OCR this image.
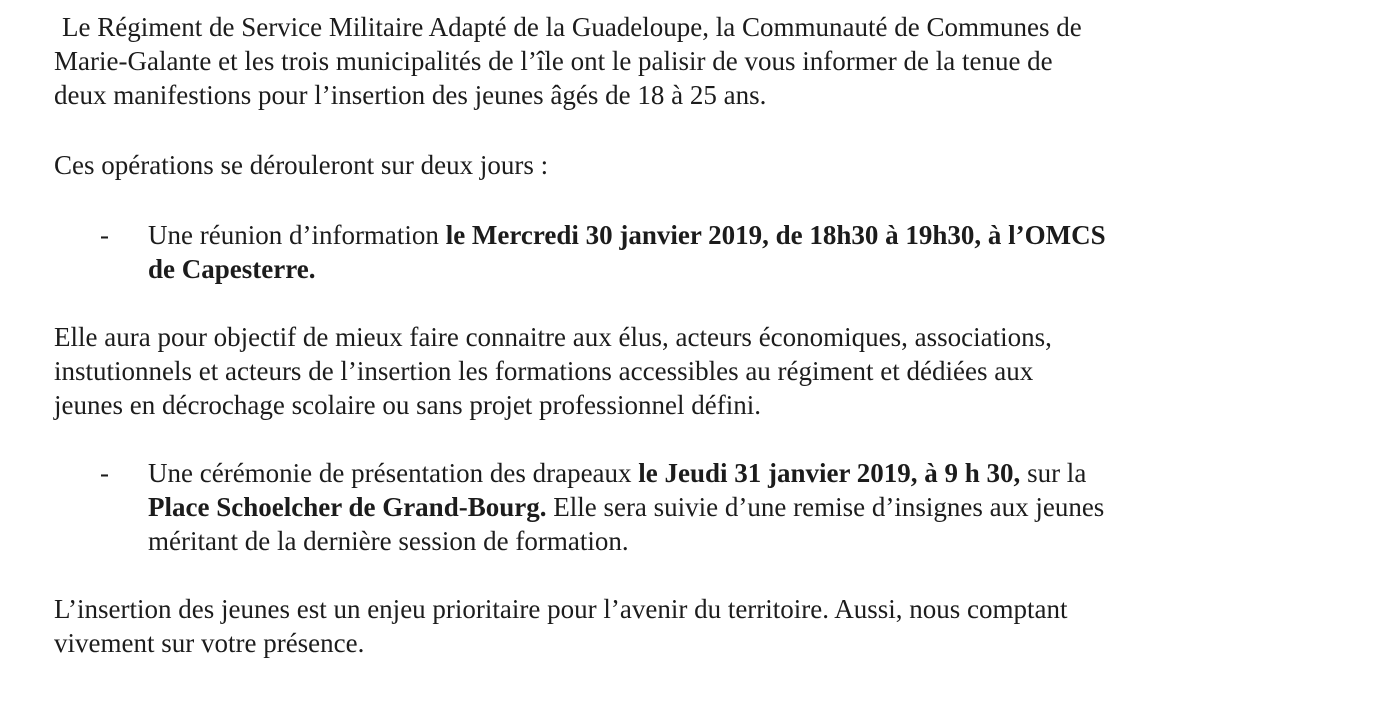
Le Régiment de Service Militaire Adapté de la Guadeloupe, la Communauté de Communes de
Marie-Galante et les trois municipalités de l’île ont le palisir de vous informer de la tenue de
deux manifestions pour l’insertion des jeunes âgés de 18 à 25 ans.

Ces opérations se dérouleront sur deux jours :

- Une réunion d’information le Mercredi 30 janvier 2019, de 18h30 à 19h30, à l’OMCS
de Capesterre.

Elle aura pour objectif de mieux faire connaitre aux élus, acteurs économiques, associations,
instutionnels et acteurs de l’insertion les formations accessibles au régiment et dédiées aux
jeunes en décrochage scolaire ou sans projet professionnel défini.

- Une cérémonie de présentation des drapeaux le Jeudi 31 janvier 2019, à 9 h 30, sur la
Place Schoelcher de Grand-Bourg. Elle sera suivie d’une remise d’insignes aux jeunes
méritant de la dernière session de formation.

L’insertion des jeunes est un enjeu prioritaire pour l’avenir du territoire. Aussi, nous comptant
vivement sur votre présence.
